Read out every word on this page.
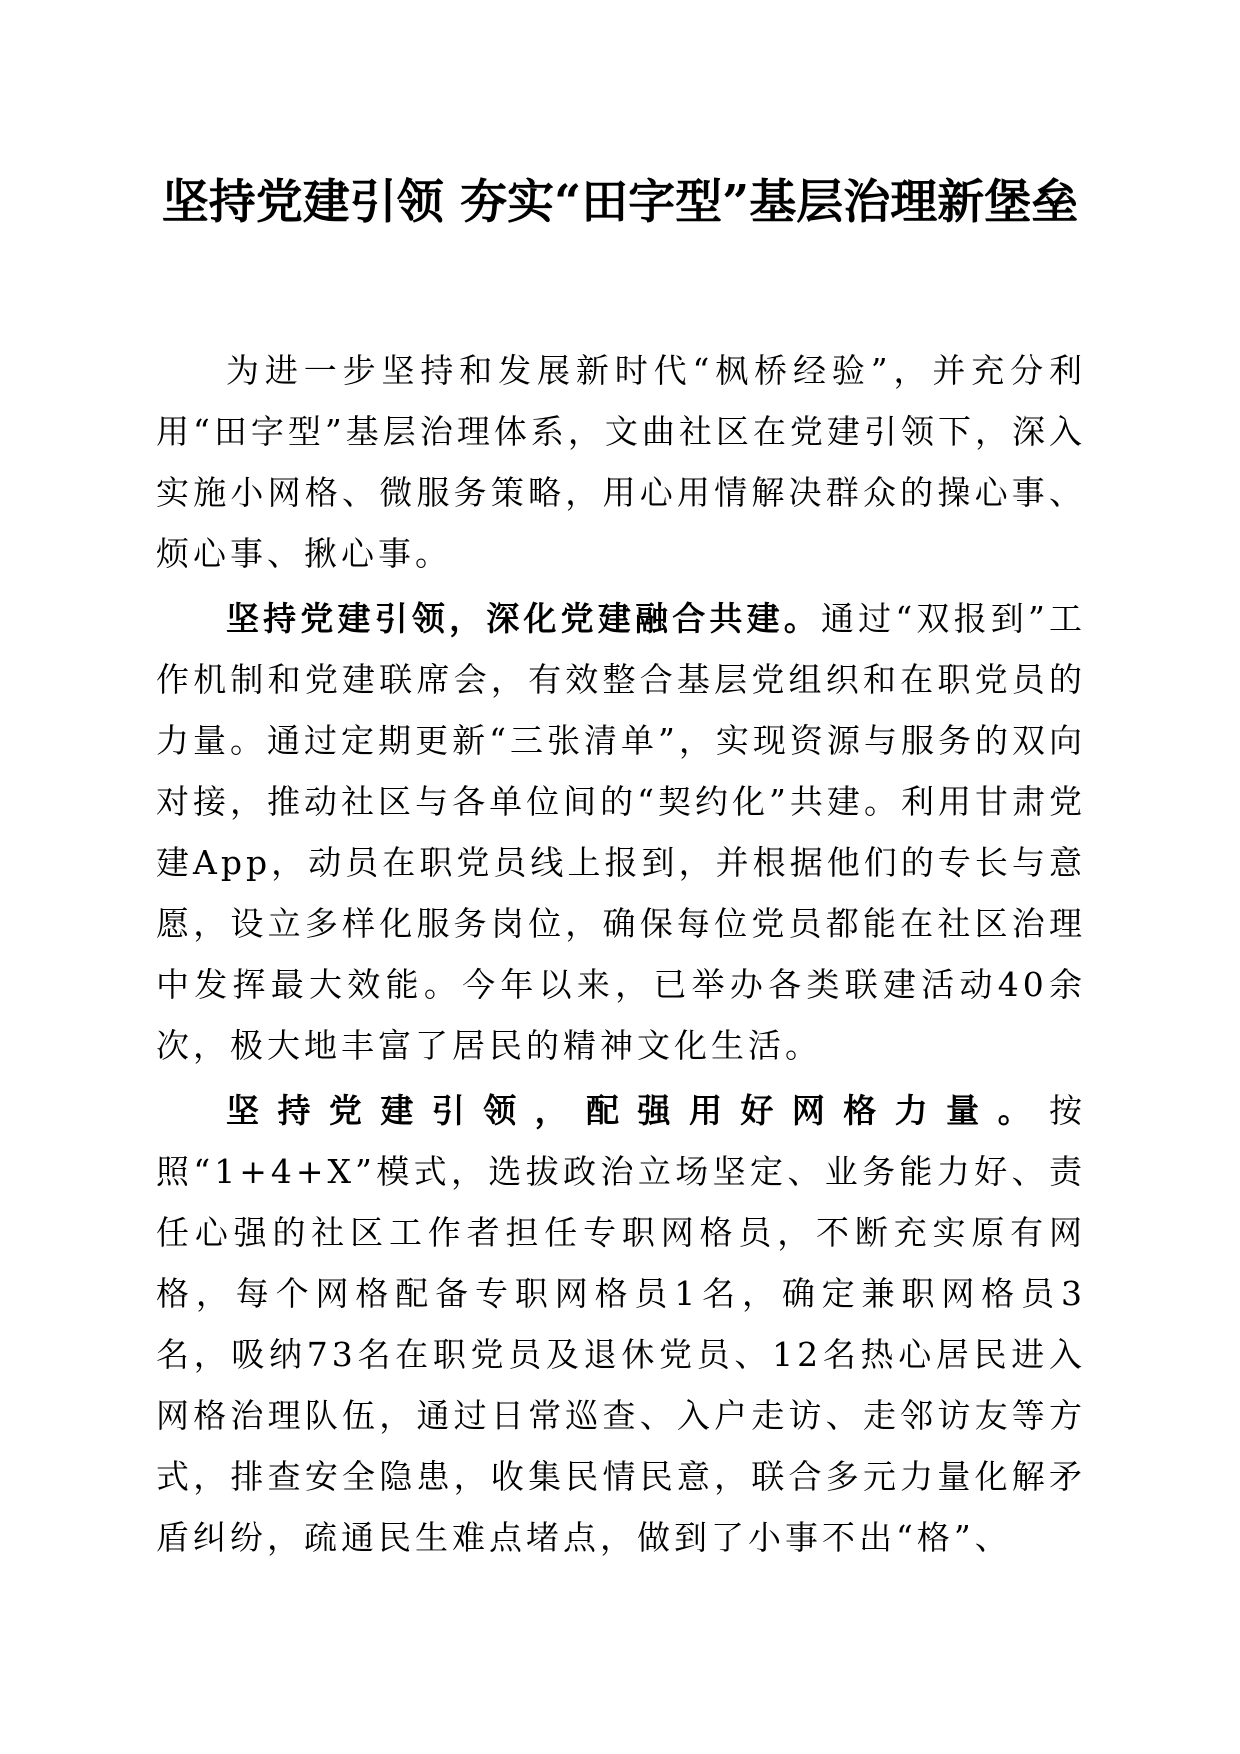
坚持党建引领 夯实“田字型”基层治理新堡垒

为进一步坚持和发展新时代“枫桥经验”，并充分利用“田字型”基层治理体系，文曲社区在党建引领下，深入实施小网格、微服务策略，用心用情解决群众的操心事、烦心事、揪心事。

坚持党建引领，深化党建融合共建。通过“双报到”工作机制和党建联席会，有效整合基层党组织和在职党员的力量。通过定期更新“三张清单”，实现资源与服务的双向对接，推动社区与各单位间的“契约化”共建。利用甘肃党建App，动员在职党员线上报到，并根据他们的专长与意愿，设立多样化服务岗位，确保每位党员都能在社区治理中发挥最大效能。今年以来，已举办各类联建活动40余次，极大地丰富了居民的精神文化生活。

坚持党建引领，配强用好网格力量。按照“1+4+X”模式，选拔政治立场坚定、业务能力好、责任心强的社区工作者担任专职网格员，不断充实原有网格，每个网格配备专职网格员1名，确定兼职网格员3名，吸纳73名在职党员及退休党员、12名热心居民进入网格治理队伍，通过日常巡查、入户走访、走邻访友等方式，排查安全隐患，收集民情民意，联合多元力量化解矛盾纠纷，疏通民生难点堵点，做到了小事不出“格”、
